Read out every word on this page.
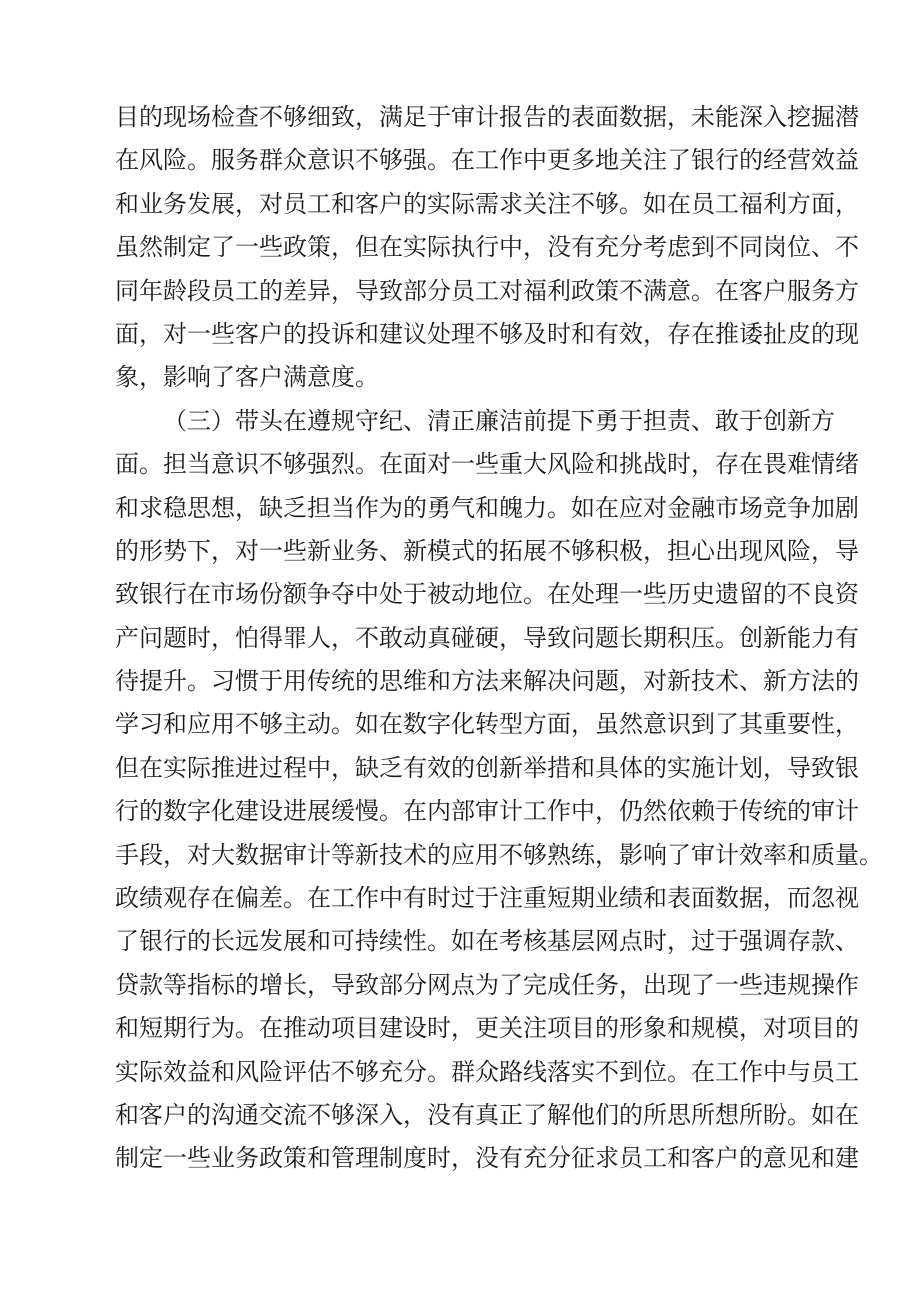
目的现场检查不够细致，满足于审计报告的表面数据，未能深入挖掘潜
在风险。服务群众意识不够强。在工作中更多地关注了银行的经营效益
和业务发展，对员工和客户的实际需求关注不够。如在员工福利方面，
虽然制定了一些政策，但在实际执行中，没有充分考虑到不同岗位、不
同年龄段员工的差异，导致部分员工对福利政策不满意。在客户服务方
面，对一些客户的投诉和建议处理不够及时和有效，存在推诿扯皮的现
象，影响了客户满意度。
（三）带头在遵规守纪、清正廉洁前提下勇于担责、敢于创新方
面。担当意识不够强烈。在面对一些重大风险和挑战时，存在畏难情绪
和求稳思想，缺乏担当作为的勇气和魄力。如在应对金融市场竞争加剧
的形势下，对一些新业务、新模式的拓展不够积极，担心出现风险，导
致银行在市场份额争夺中处于被动地位。在处理一些历史遗留的不良资
产问题时，怕得罪人，不敢动真碰硬，导致问题长期积压。创新能力有
待提升。习惯于用传统的思维和方法来解决问题，对新技术、新方法的
学习和应用不够主动。如在数字化转型方面，虽然意识到了其重要性，
但在实际推进过程中，缺乏有效的创新举措和具体的实施计划，导致银
行的数字化建设进展缓慢。在内部审计工作中，仍然依赖于传统的审计
手段，对大数据审计等新技术的应用不够熟练，影响了审计效率和质量。
政绩观存在偏差。在工作中有时过于注重短期业绩和表面数据，而忽视
了银行的长远发展和可持续性。如在考核基层网点时，过于强调存款、
贷款等指标的增长，导致部分网点为了完成任务，出现了一些违规操作
和短期行为。在推动项目建设时，更关注项目的形象和规模，对项目的
实际效益和风险评估不够充分。群众路线落实不到位。在工作中与员工
和客户的沟通交流不够深入，没有真正了解他们的所思所想所盼。如在
制定一些业务政策和管理制度时，没有充分征求员工和客户的意见和建
